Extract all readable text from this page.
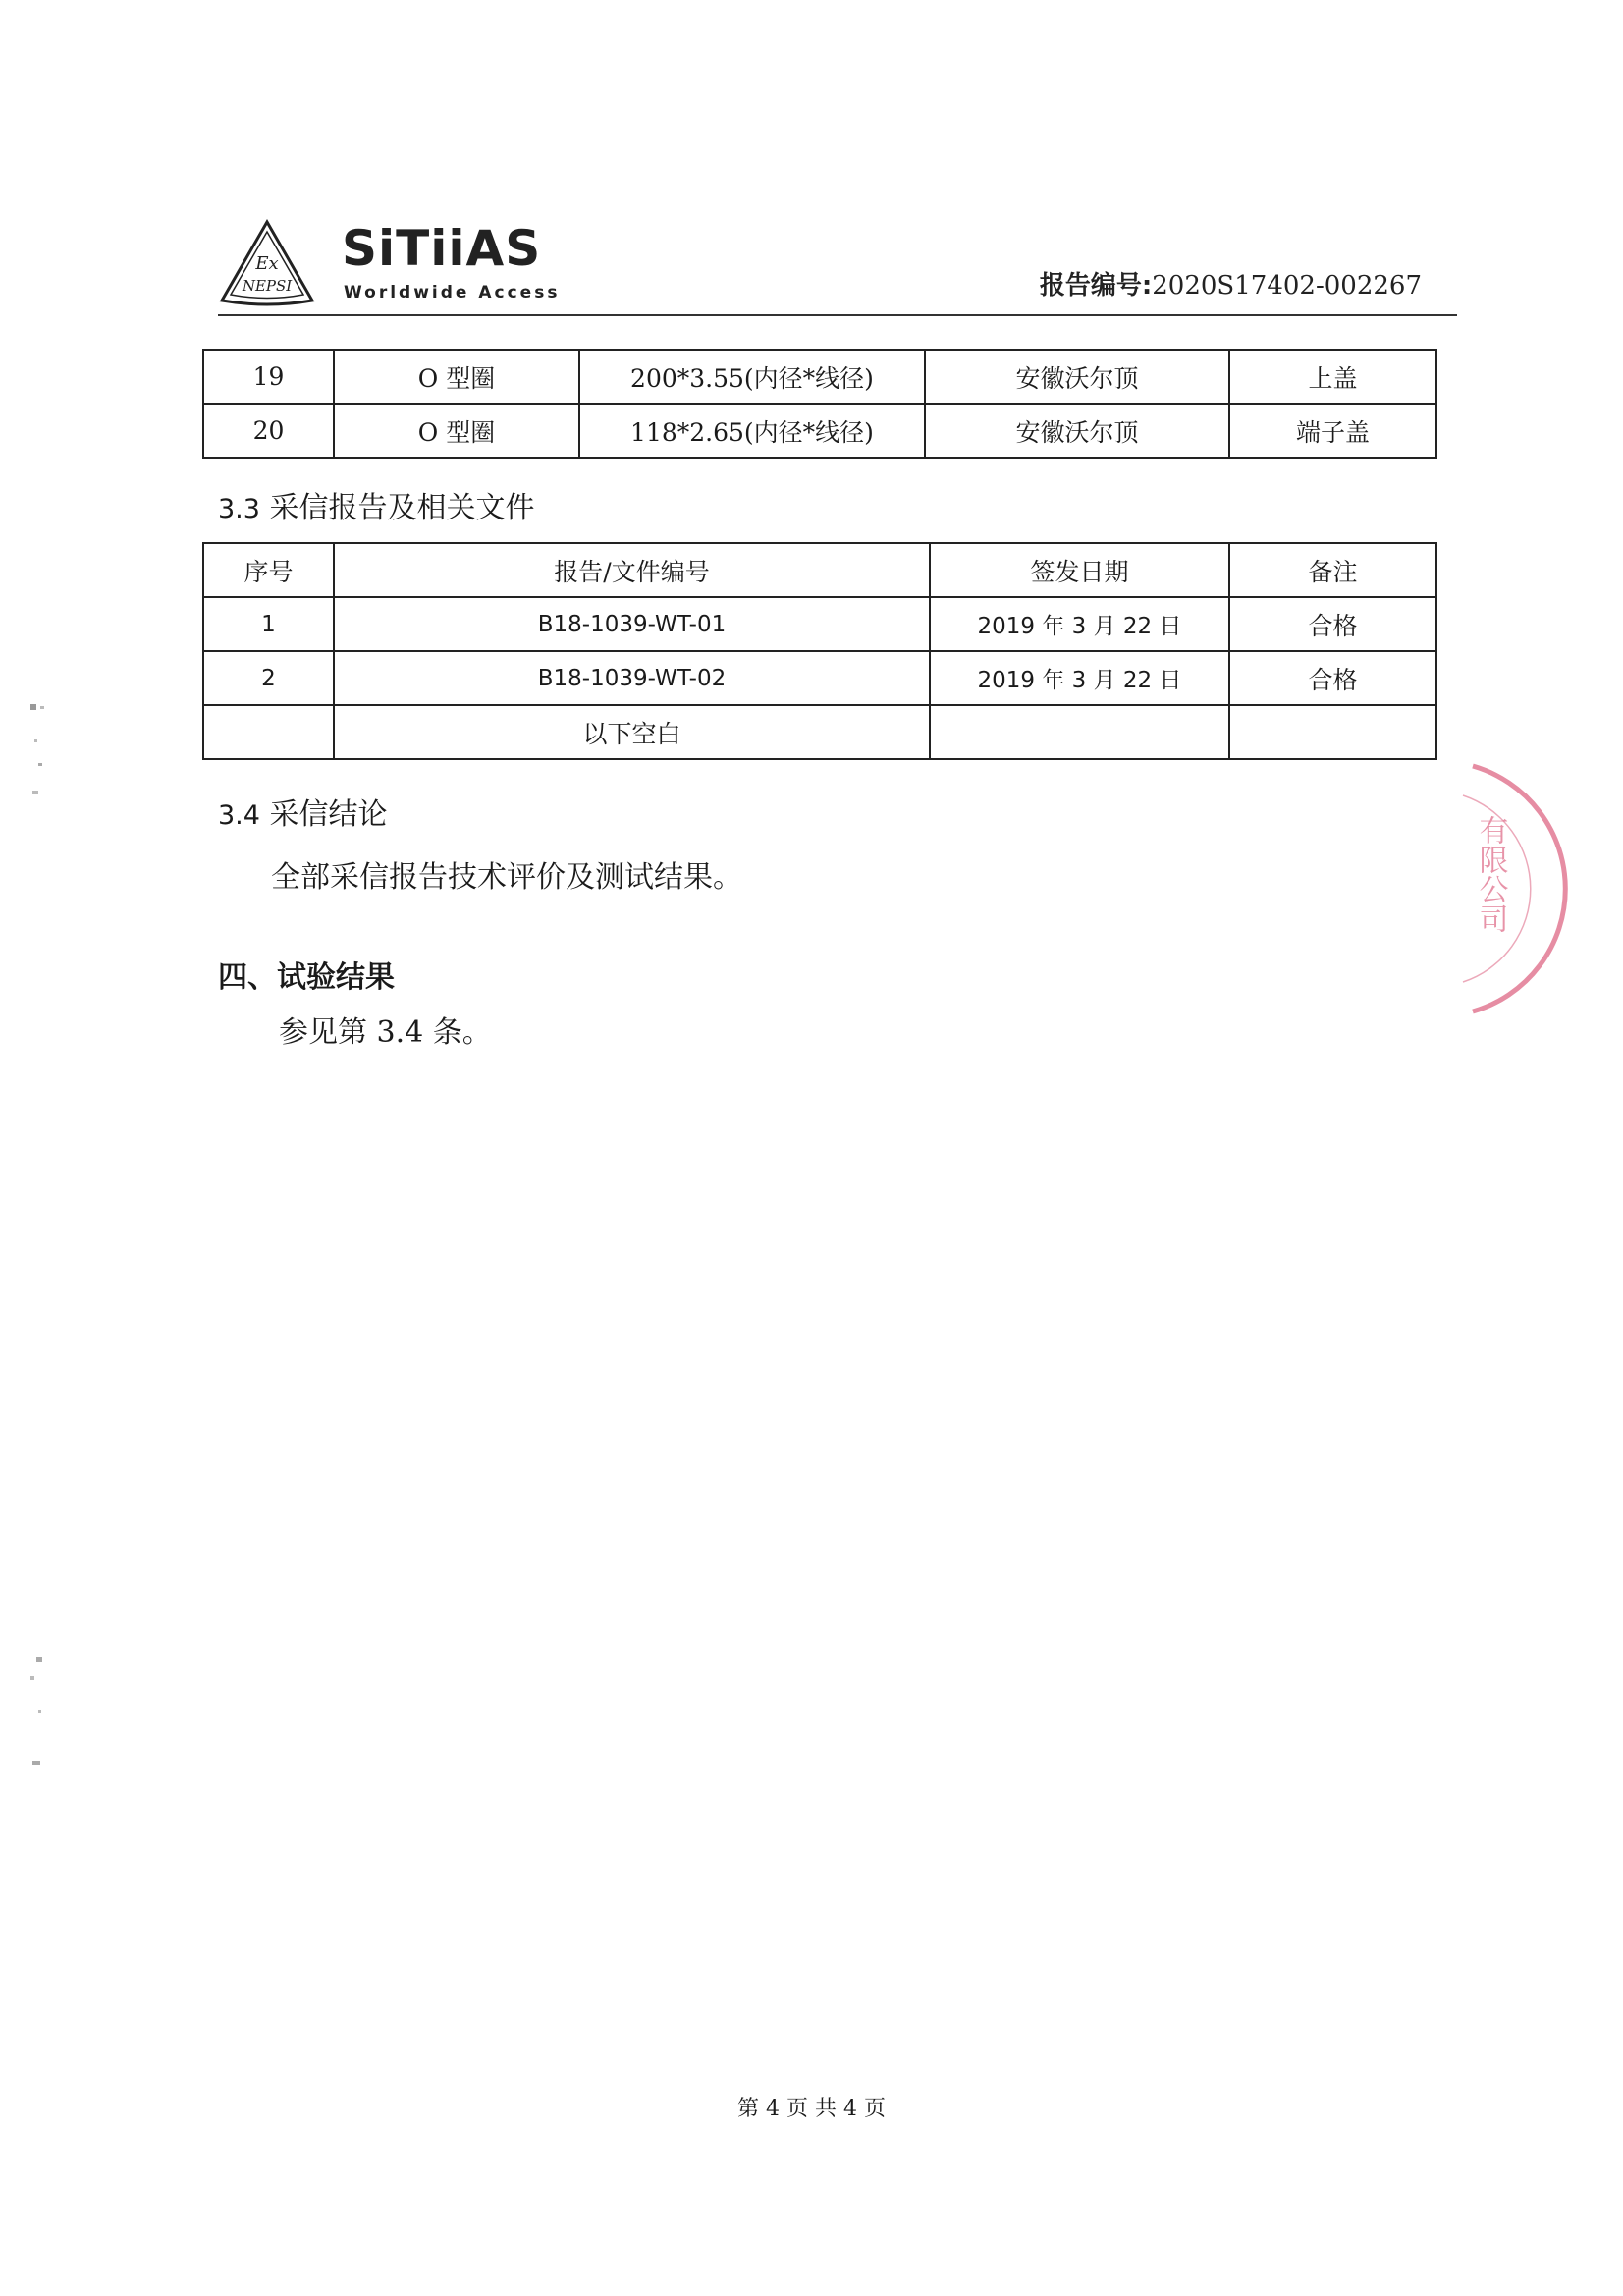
Ex
NEPSI
SiTiiAS
Worldwide Access	报告编号:2020S17402-002267
19	O 型圈	200*3.55(内径*线径)	安徽沃尔顶	上盖
20	O 型圈	118*2.65(内径*线径)	安徽沃尔顶	端子盖
3.3 采信报告及相关文件
序号	报告/文件编号	签发日期	备注
1	B18-1039-WT-01	2019 年 3 月 22 日	合格
2	B18-1039-WT-02	2019 年 3 月 22 日	合格
	以下空白		
3.4 采信结论
全部采信报告技术评价及测试结果。
四、试验结果
参见第 3.4 条。
有限公司
第 4 页 共 4 页
